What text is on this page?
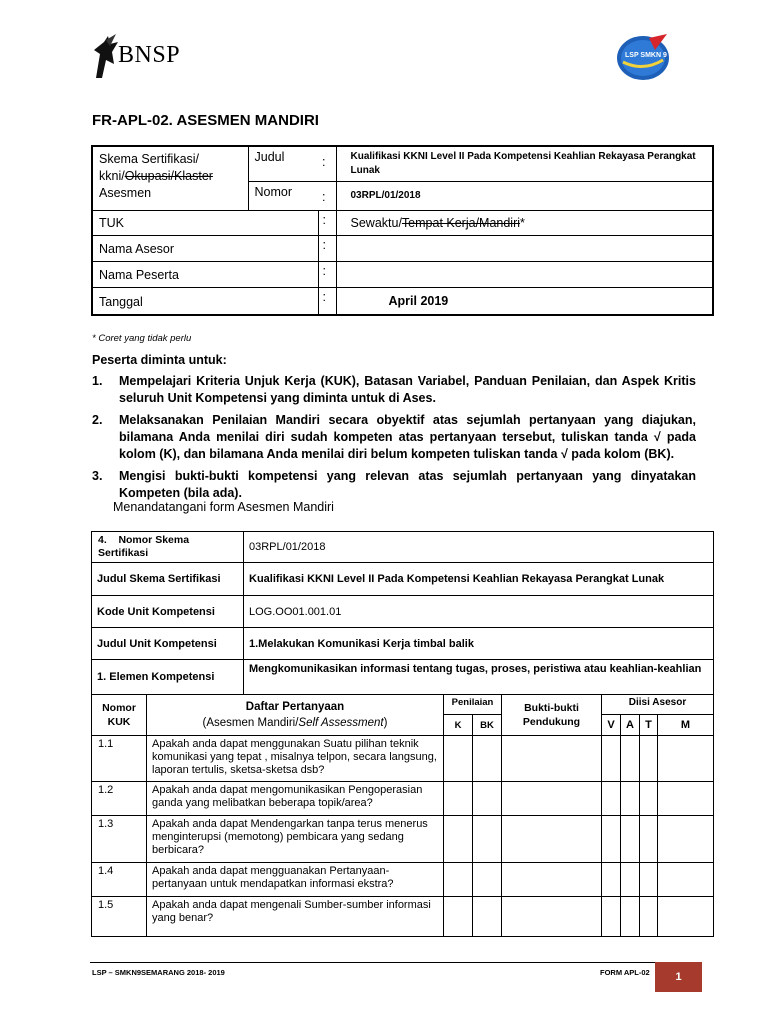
BNSP	LSP SMKN 9
FR-APL-02. ASESMEN MANDIRI
Skema Sertifikasi/
kkni/Okupasi/Klaster
Asesmen	Judul	:	Kualifikasi KKNI Level II Pada Kompetensi Keahlian Rekayasa Perangkat Lunak
	Nomor	:	03RPL/01/2018
TUK		:	Sewaktu/Tempat Kerja/Mandiri*
Nama Asesor		:	
Nama Peserta		:	
Tanggal		:	April 2019
* Coret yang tidak perlu
Peserta diminta untuk:

1. Mempelajari Kriteria Unjuk Kerja (KUK), Batasan Variabel, Panduan Penilaian, dan Aspek Kritis seluruh Unit Kompetensi yang diminta untuk di Ases.

2. Melaksanakan Penilaian Mandiri secara obyektif atas sejumlah pertanyaan yang diajukan, bilamana Anda menilai diri sudah kompeten atas pertanyaan tersebut, tuliskan tanda √ pada kolom (K), dan bilamana Anda menilai diri belum kompeten tuliskan tanda √ pada kolom (BK).

3. Mengisi bukti-bukti kompetensi yang relevan atas sejumlah pertanyaan yang dinyatakan Kompeten (bila ada).

Menandatangani form Asesmen Mandiri
4. Nomor Skema Sertifikasi		03RPL/01/2018							
Judul Skema Sertifikasi		Kualifikasi KKNI Level II Pada Kompetensi Keahlian Rekayasa Perangkat Lunak							
Kode Unit Kompetensi		LOG.OO01.001.01							
Judul Unit Kompetensi		1.Melakukan Komunikasi Kerja timbal balik							
1. Elemen Kompetensi		Mengkomunikasikan informasi tentang tugas, proses, peristiwa atau keahlian-keahlian							
Nomor KUK	Daftar Pertanyaan
(Asesmen Mandiri/Self Assessment)		Penilaian		Bukti-bukti Pendukung	Diisi Asesor			
			K	BK		V	A	T	M
1.1	Apakah anda dapat menggunakan Suatu pilihan teknik komunikasi yang tepat , misalnya telpon, secara langsung, laporan tertulis, sketsa-sketsa dsb?								
1.2	Apakah anda dapat mengomunikasikan Pengoperasian ganda yang melibatkan beberapa topik/area?								
1.3	Apakah anda dapat Mendengarkan tanpa terus menerus menginterupsi (memotong) pembicara yang sedang berbicara?								
1.4	Apakah anda dapat mengguanakan Pertanyaan-pertanyaan untuk mendapatkan informasi ekstra?								
1.5	Apakah anda dapat mengenali Sumber-sumber informasi yang benar?								
LSP – SMKN9SEMARANG 2018- 2019	FORM APL-02	1
